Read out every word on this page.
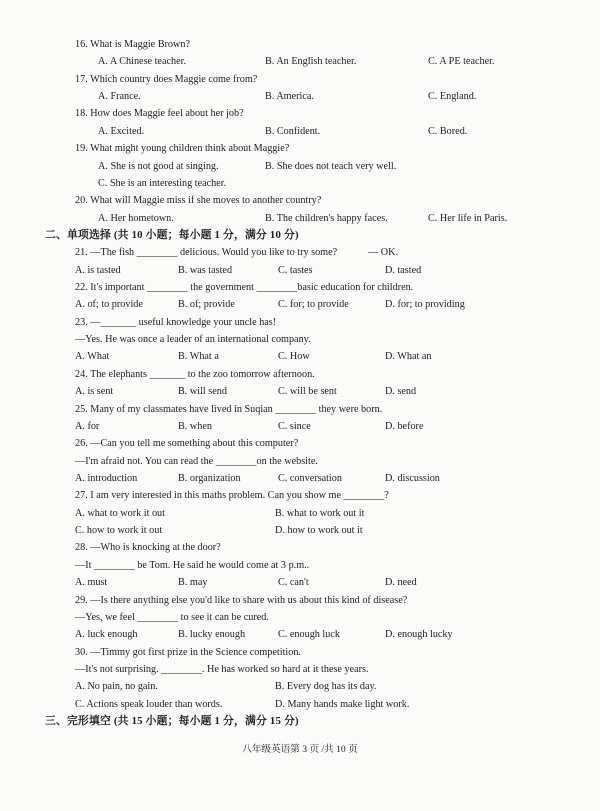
16. What is Maggie Brown?
A. A Chinese teacher.	B. An English teacher.	C. A PE teacher.
17. Which country does Maggie come from?
A. France.	B. America.	C. England.
18. How does Maggie feel about her job?
A. Excited.	B. Confident.	C. Bored.
19. What might young children think about Maggie?
A. She is not good at singing.	B. She does not teach very well.
C. She is an interesting teacher.
20. What will Maggie miss if she moves to another country?
A. Her hometown.	B. The children's happy faces.	C. Her life in Paris.
二、单项选择 (共 10 小题；每小题 1 分，满分 10 分)
21. —The fish ________ delicious. Would you like to try some?	— OK.
A. is tasted	B. was tasted	C. tastes	D. tasted
22. It's important ________ the government ________basic education for children.
A. of; to provide	B. of; provide	C. for; to provide	D. for; to providing
23. —_______ useful knowledge your uncle has!
—Yes. He was once a leader of an international company.
A. What	B. What a	C. How	D. What an
24. The elephants _______ to the zoo tomorrow afternoon.
A. is sent	B. will send	C. will be sent	D. send
25. Many of my classmates have lived in Suqian ________ they were born.
A. for	B. when	C. since	D. before
26. —Can you tell me something about this computer?
—I'm afraid not. You can read the ________on the website.
A. introduction	B. organization	C. conversation	D. discussion
27. I am very interested in this maths problem. Can you show me ________?
A. what to work it out	B. what to work out it
C. how to work it out	D. how to work out it
28. —Who is knocking at the door?
—It ________ be Tom. He said he would come at 3 p.m..
A. must	B. may	C. can't	D. need
29. —Is there anything else you'd like to share with us about this kind of disease?
—Yes, we feel ________ to see it can be cured.
A. luck enough	B. lucky enough	C. enough luck	D. enough lucky
30. —Timmy got first prize in the Science competition.
—It's not surprising. ________. He has worked so hard at it these years.
A. No pain, no gain.	B. Every dog has its day.
C. Actions speak louder than words.	D. Many hands make light work.
三、完形填空 (共 15 小题；每小题 1 分，满分 15 分)
八年级英语第 3 页 /共 10 页
